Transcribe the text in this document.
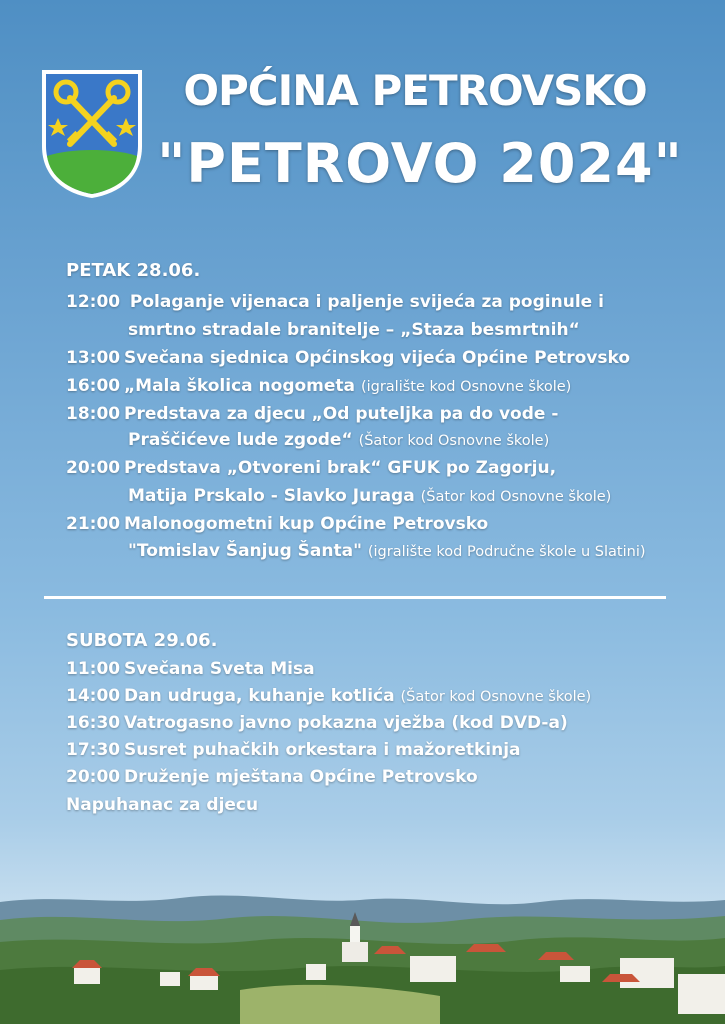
OPĆINA PETROVSKO
"PETROVO 2024"
PETAK 28.06.
12:00 Polaganje vijenaca i paljenje svijeća za poginule i
smrtno stradale branitelje – „Staza besmrtnih“
13:00 Svečana sjednica Općinskog vijeća Općine Petrovsko
16:00 „Mala školica nogometa (igralište kod Osnovne škole)
18:00 Predstava za djecu „Od puteljka pa do vode -
Praščićeve lude zgode“ (Šator kod Osnovne škole)
20:00 Predstava „Otvoreni brak“ GFUK po Zagorju,
Matija Prskalo - Slavko Juraga (Šator kod Osnovne škole)
21:00 Malonogometni kup Općine Petrovsko
"Tomislav Šanjug Šanta" (igralište kod Područne škole u Slatini)
SUBOTA 29.06.
11:00 Svečana Sveta Misa
14:00 Dan udruga, kuhanje kotlića (Šator kod Osnovne škole)
16:30 Vatrogasno javno pokazna vježba (kod DVD-a)
17:30 Susret puhačkih orkestara i mažoretkinja
20:00 Druženje mještana Općine Petrovsko
Napuhanac za djecu
